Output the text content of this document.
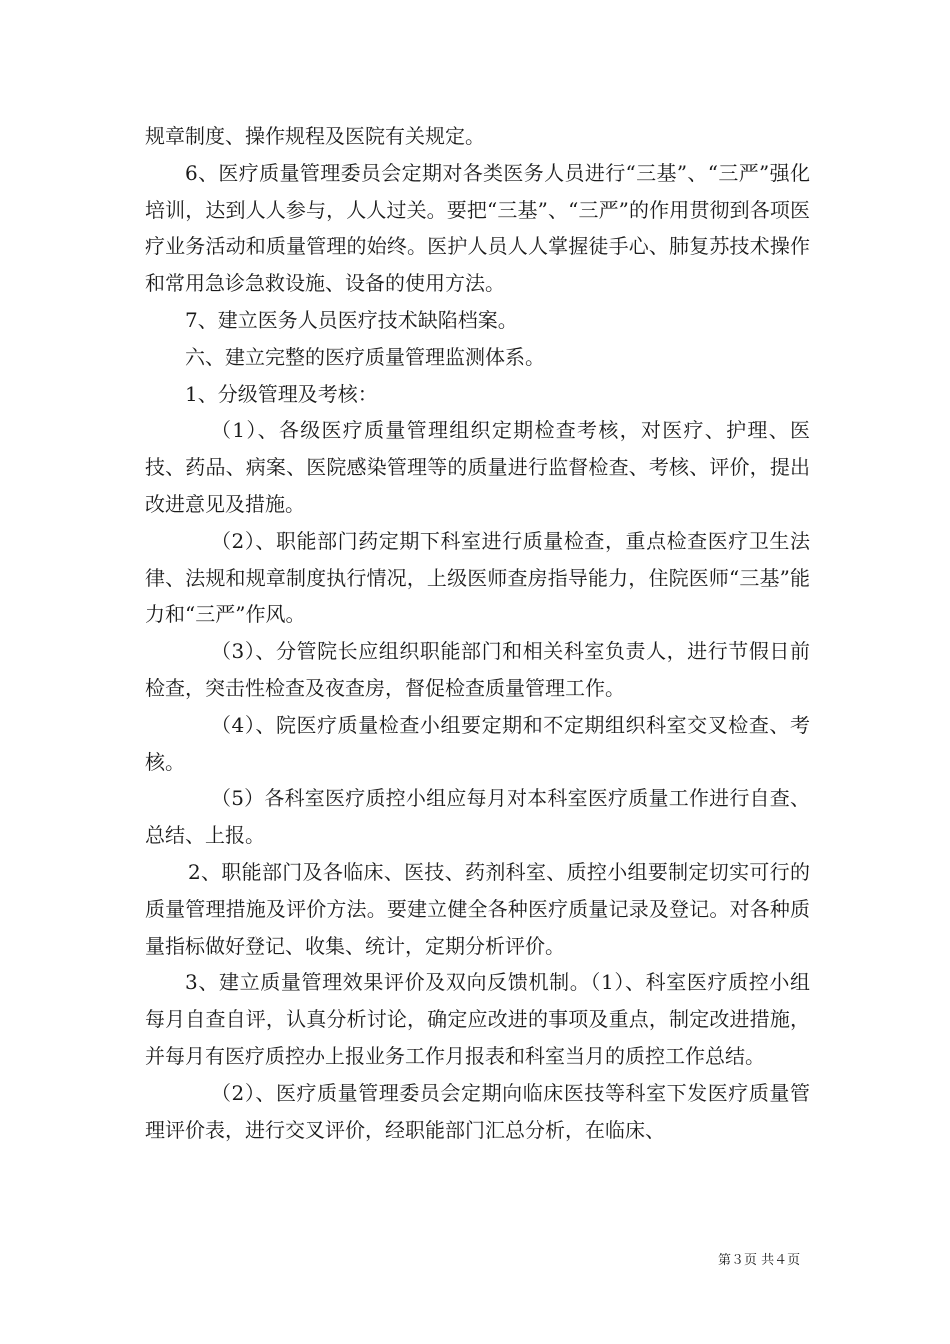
规章制度、操作规程及医院有关规定。

6、医疗质量管理委员会定期对各类医务人员进行“三基”、“三严”强化培训，达到人人参与，人人过关。要把“三基”、“三严”的作用贯彻到各项医疗业务活动和质量管理的始终。医护人员人人掌握徒手心、肺复苏技术操作和常用急诊急救设施、设备的使用方法。

7、建立医务人员医疗技术缺陷档案。

六、建立完整的医疗质量管理监测体系。

1、分级管理及考核：

（1）、各级医疗质量管理组织定期检查考核，对医疗、护理、医技、药品、病案、医院感染管理等的质量进行监督检查、考核、评价，提出改进意见及措施。

（2）、职能部门药定期下科室进行质量检查，重点检查医疗卫生法律、法规和规章制度执行情况，上级医师查房指导能力，住院医师“三基”能力和“三严”作风。

（3）、分管院长应组织职能部门和相关科室负责人，进行节假日前检查，突击性检查及夜查房，督促检查质量管理工作。

（4）、院医疗质量检查小组要定期和不定期组织科室交叉检查、考核。

（5）各科室医疗质控小组应每月对本科室医疗质量工作进行自查、总结、上报。

2、职能部门及各临床、医技、药剂科室、质控小组要制定切实可行的质量管理措施及评价方法。要建立健全各种医疗质量记录及登记。对各种质量指标做好登记、收集、统计，定期分析评价。

3、建立质量管理效果评价及双向反馈机制。（1）、科室医疗质控小组每月自查自评，认真分析讨论，确定应改进的事项及重点，制定改进措施，并每月有医疗质控办上报业务工作月报表和科室当月的质控工作总结。

（2）、医疗质量管理委员会定期向临床医技等科室下发医疗质量管理评价表，进行交叉评价，经职能部门汇总分析，在临床、

第３页 共４页
